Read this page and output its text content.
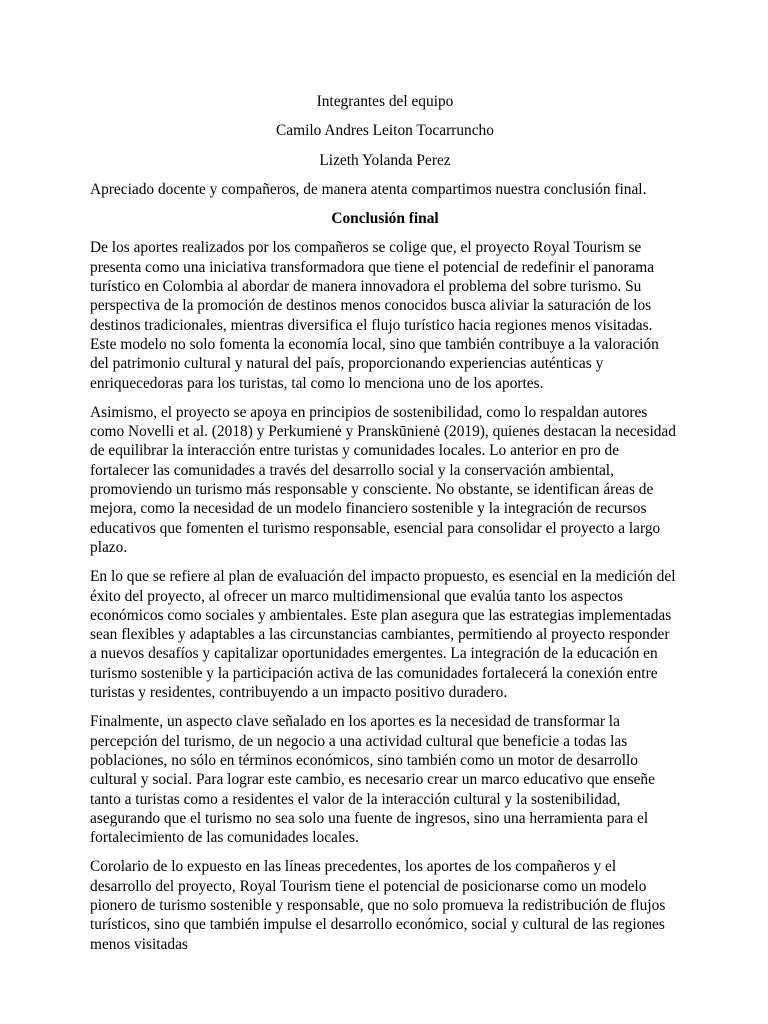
Integrantes del equipo

Camilo Andres Leiton Tocarruncho

Lizeth Yolanda Perez

Apreciado docente y compañeros, de manera atenta compartimos nuestra conclusión final.

Conclusión final

De los aportes realizados por los compañeros se colige que, el proyecto Royal Tourism se presenta como una iniciativa transformadora que tiene el potencial de redefinir el panorama turístico en Colombia al abordar de manera innovadora el problema del sobre turismo. Su perspectiva de la promoción de destinos menos conocidos busca aliviar la saturación de los destinos tradicionales, mientras diversifica el flujo turístico hacia regiones menos visitadas. Este modelo no solo fomenta la economía local, sino que también contribuye a la valoración del patrimonio cultural y natural del país, proporcionando experiencias auténticas y enriquecedoras para los turistas, tal como lo menciona uno de los aportes.

Asimismo, el proyecto se apoya en principios de sostenibilidad, como lo respaldan autores como Novelli et al. (2018) y Perkumienė y Pranskūnienė (2019), quienes destacan la necesidad de equilibrar la interacción entre turistas y comunidades locales. Lo anterior en pro de fortalecer las comunidades a través del desarrollo social y la conservación ambiental, promoviendo un turismo más responsable y consciente. No obstante, se identifican áreas de mejora, como la necesidad de un modelo financiero sostenible y la integración de recursos educativos que fomenten el turismo responsable, esencial para consolidar el proyecto a largo plazo.

En lo que se refiere al plan de evaluación del impacto propuesto, es esencial en la medición del éxito del proyecto, al ofrecer un marco multidimensional que evalúa tanto los aspectos económicos como sociales y ambientales. Este plan asegura que las estrategias implementadas sean flexibles y adaptables a las circunstancias cambiantes, permitiendo al proyecto responder a nuevos desafíos y capitalizar oportunidades emergentes. La integración de la educación en turismo sostenible y la participación activa de las comunidades fortalecerá la conexión entre turistas y residentes, contribuyendo a un impacto positivo duradero.

Finalmente, un aspecto clave señalado en los aportes es la necesidad de transformar la percepción del turismo, de un negocio a una actividad cultural que beneficie a todas las poblaciones, no sólo en términos económicos, sino también como un motor de desarrollo cultural y social. Para lograr este cambio, es necesario crear un marco educativo que enseñe tanto a turistas como a residentes el valor de la interacción cultural y la sostenibilidad, asegurando que el turismo no sea solo una fuente de ingresos, sino una herramienta para el fortalecimiento de las comunidades locales.

Corolario de lo expuesto en las líneas precedentes, los aportes de los compañeros y el desarrollo del proyecto, Royal Tourism tiene el potencial de posicionarse como un modelo pionero de turismo sostenible y responsable, que no solo promueva la redistribución de flujos turísticos, sino que también impulse el desarrollo económico, social y cultural de las regiones menos visitadas
